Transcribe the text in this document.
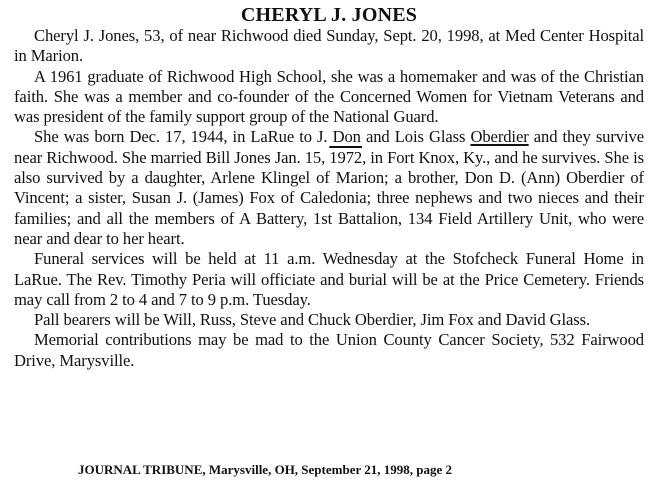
CHERYL J. JONES

Cheryl J. Jones, 53, of near Richwood died Sunday, Sept. 20, 1998, at Med Center Hospital in Marion.

A 1961 graduate of Richwood High School, she was a homemaker and was of the Christian faith. She was a member and co-founder of the Concerned Women for Vietnam Veterans and was president of the family support group of the National Guard.

She was born Dec. 17, 1944, in LaRue to J. Don and Lois Glass Oberdier and they survive near Richwood. She married Bill Jones Jan. 15, 1972, in Fort Knox, Ky., and he survives. She is also survived by a daughter, Arlene Klingel of Marion; a brother, Don D. (Ann) Oberdier of Vincent; a sister, Susan J. (James) Fox of Caledonia; three nephews and two nieces and their families; and all the members of A Battery, 1st Battalion, 134 Field Artillery Unit, who were near and dear to her heart.

Funeral services will be held at 11 a.m. Wednesday at the Stofcheck Funeral Home in LaRue. The Rev. Timothy Peria will officiate and burial will be at the Price Cemetery. Friends may call from 2 to 4 and 7 to 9 p.m. Tuesday.

Pall bearers will be Will, Russ, Steve and Chuck Oberdier, Jim Fox and David Glass.

Memorial contributions may be mad to the Union County Cancer Society, 532 Fairwood Drive, Marysville.

JOURNAL TRIBUNE, Marysville, OH, September 21, 1998, page 2
